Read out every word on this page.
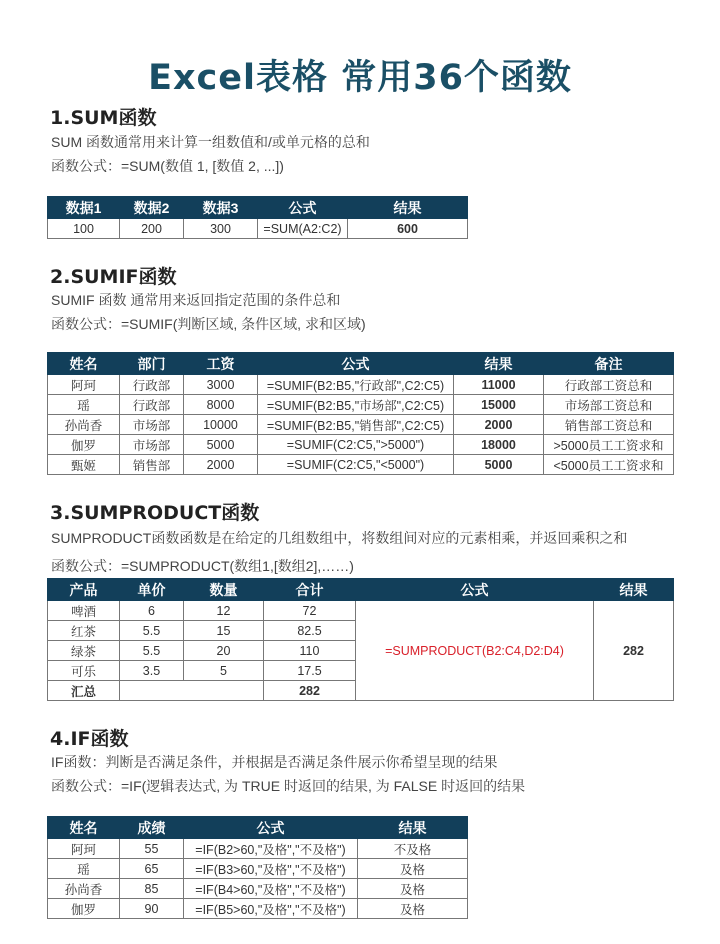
Excel表格 常用36个函数
1.SUM函数
SUM 函数通常用来计算一组数值和/或单元格的总和
函数公式：=SUM(数值 1, [数值 2, ...])
数据1	数据2	数据3	公式	结果
100	200	300	=SUM(A2:C2)	600
2.SUMIF函数
SUMIF 函数 通常用来返回指定范围的条件总和
函数公式：=SUMIF(判断区域, 条件区域, 求和区域)
姓名	部门	工资	公式	结果	备注
阿珂	行政部	3000	=SUMIF(B2:B5,"行政部",C2:C5)	11000	行政部工资总和
瑶	行政部	8000	=SUMIF(B2:B5,"市场部",C2:C5)	15000	市场部工资总和
孙尚香	市场部	10000	=SUMIF(B2:B5,"销售部",C2:C5)	2000	销售部工资总和
伽罗	市场部	5000	=SUMIF(C2:C5,">5000")	18000	>5000员工工资求和
甄姬	销售部	2000	=SUMIF(C2:C5,"<5000")	5000	<5000员工工资求和
3.SUMPRODUCT函数
SUMPRODUCT函数函数是在给定的几组数组中，将数组间对应的元素相乘，并返回乘积之和
函数公式：=SUMPRODUCT(数组1,[数组2],……)
产品	单价	数量	合计	公式	结果
啤酒	6	12	72	=SUMPRODUCT(B2:C4,D2:D4)	282
红茶	5.5	15	82.5		
绿茶	5.5	20	110		
可乐	3.5	5	17.5		
汇总			282		
4.IF函数
IF函数：判断是否满足条件，并根据是否满足条件展示你希望呈现的结果
函数公式：=IF(逻辑表达式, 为 TRUE 时返回的结果, 为 FALSE 时返回的结果
姓名	成绩	公式	结果
阿珂	55	=IF(B2>60,"及格","不及格")	不及格
瑶	65	=IF(B3>60,"及格","不及格")	及格
孙尚香	85	=IF(B4>60,"及格","不及格")	及格
伽罗	90	=IF(B5>60,"及格","不及格")	及格
